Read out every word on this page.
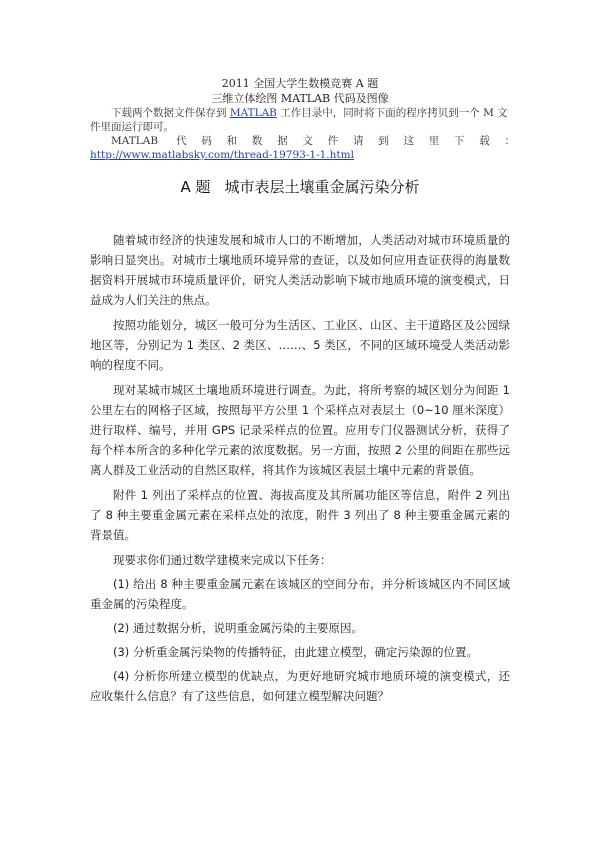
2011 全国大学生数模竞赛 A 题
三维立体绘图 MATLAB 代码及图像

下载两个数据文件保存到 MATLAB 工作目录中，同时将下面的程序拷贝到一个 M 文件里面运行即可。

MATLAB 代码和数据文件请到这里下载：

http://www.matlabsky.com/thread-19793-1-1.html

A 题 城市表层土壤重金属污染分析

随着城市经济的快速发展和城市人口的不断增加，人类活动对城市环境质量的影响日显突出。对城市土壤地质环境异常的查证，以及如何应用查证获得的海量数据资料开展城市环境质量评价，研究人类活动影响下城市地质环境的演变模式，日益成为人们关注的焦点。

按照功能划分，城区一般可分为生活区、工业区、山区、主干道路区及公园绿地区等，分别记为 1 类区、2 类区、……、5 类区，不同的区域环境受人类活动影响的程度不同。

现对某城市城区土壤地质环境进行调查。为此，将所考察的城区划分为间距 1 公里左右的网格子区域，按照每平方公里 1 个采样点对表层土（0~10 厘米深度）进行取样、编号，并用 GPS 记录采样点的位置。应用专门仪器测试分析，获得了每个样本所含的多种化学元素的浓度数据。另一方面，按照 2 公里的间距在那些远离人群及工业活动的自然区取样，将其作为该城区表层土壤中元素的背景值。

附件 1 列出了采样点的位置、海拔高度及其所属功能区等信息，附件 2 列出了 8 种主要重金属元素在采样点处的浓度，附件 3 列出了 8 种主要重金属元素的背景值。

现要求你们通过数学建模来完成以下任务：

(1) 给出 8 种主要重金属元素在该城区的空间分布，并分析该城区内不同区域重金属的污染程度。

(2) 通过数据分析，说明重金属污染的主要原因。

(3) 分析重金属污染物的传播特征，由此建立模型，确定污染源的位置。

(4) 分析你所建立模型的优缺点，为更好地研究城市地质环境的演变模式，还应收集什么信息？有了这些信息，如何建立模型解决问题？
